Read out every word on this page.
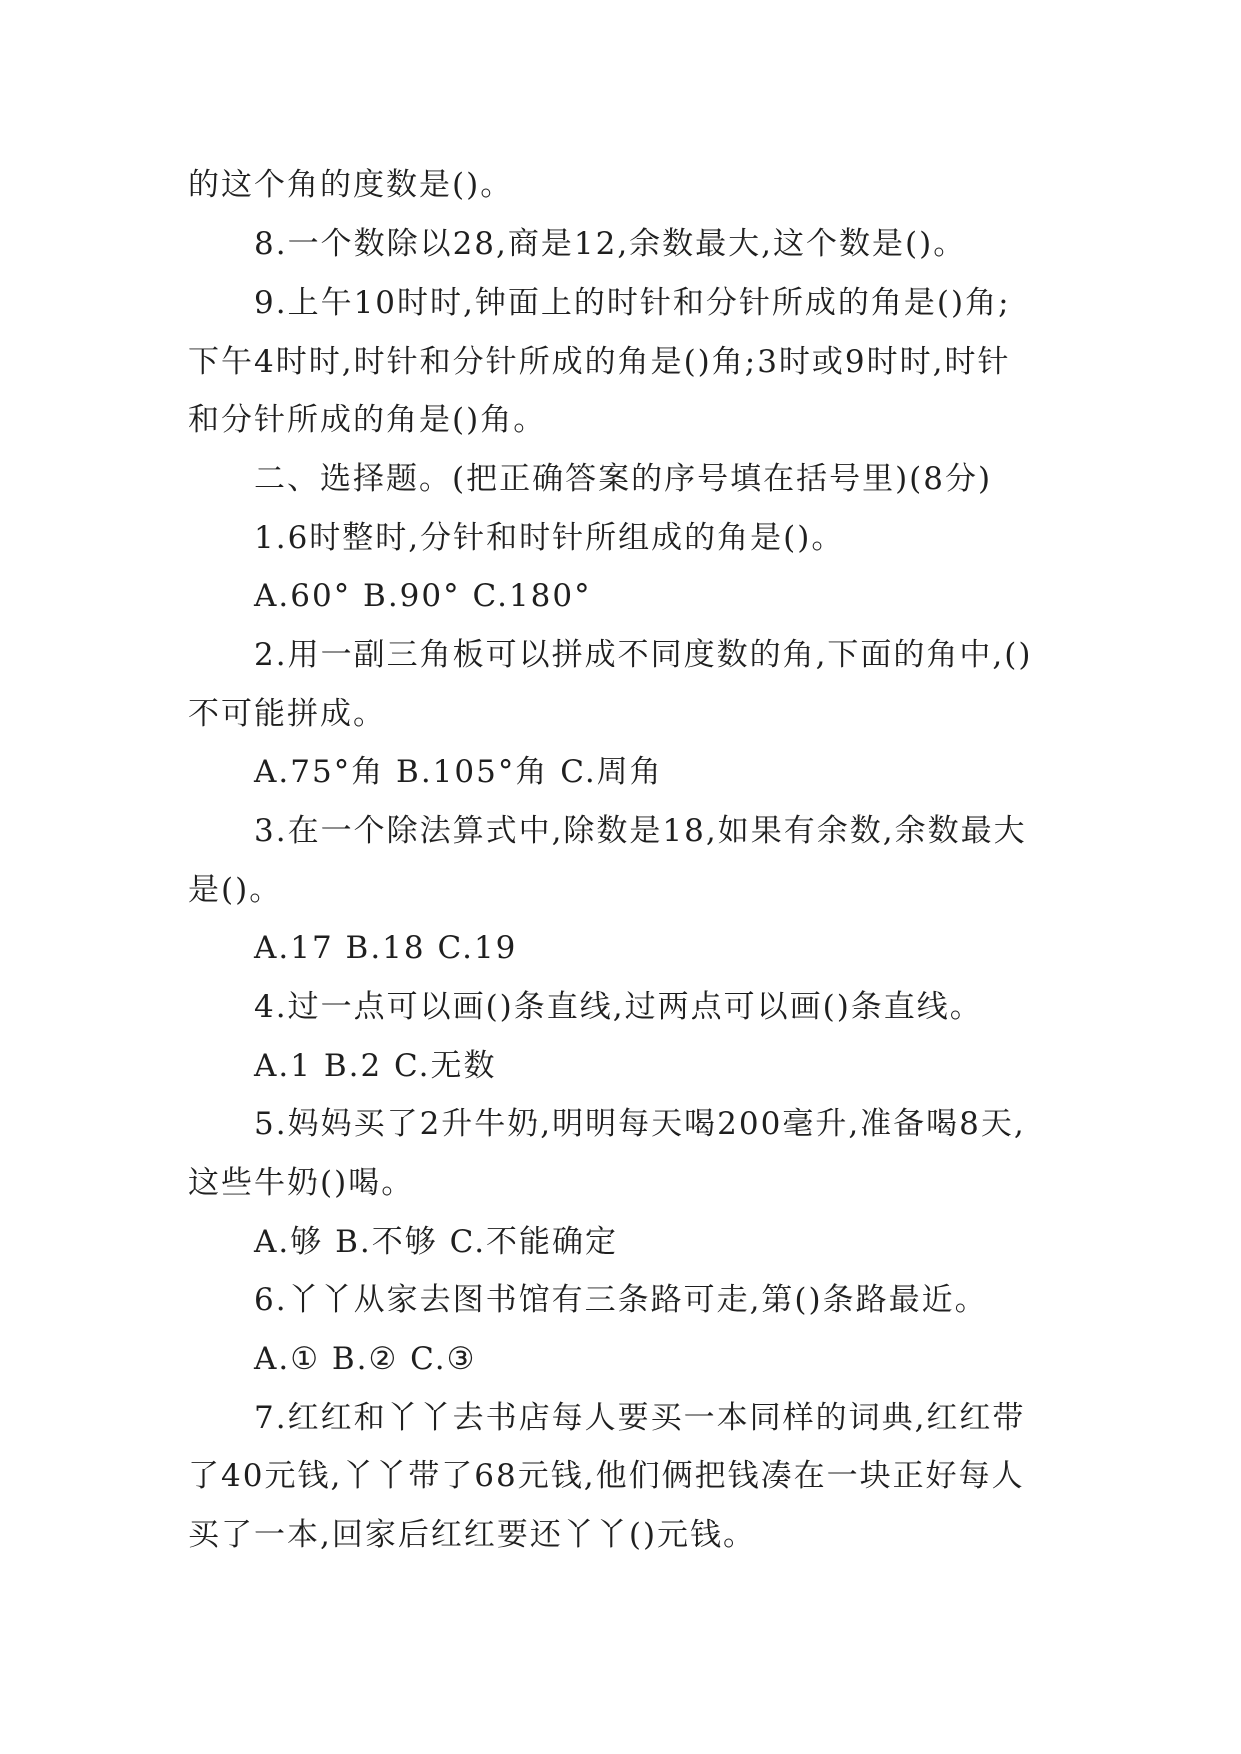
的这个角的度数是()。
8.一个数除以28,商是12,余数最大,这个数是()。
9.上午10时时,钟面上的时针和分针所成的角是()角;
下午4时时,时针和分针所成的角是()角;3时或9时时,时针
和分针所成的角是()角。
二、选择题。(把正确答案的序号填在括号里)(8分)
1.6时整时,分针和时针所组成的角是()。
A.60° B.90° C.180°
2.用一副三角板可以拼成不同度数的角,下面的角中,()
不可能拼成。
A.75°角 B.105°角 C.周角
3.在一个除法算式中,除数是18,如果有余数,余数最大
是()。
A.17 B.18 C.19
4.过一点可以画()条直线,过两点可以画()条直线。
A.1 B.2 C.无数
5.妈妈买了2升牛奶,明明每天喝200毫升,准备喝8天,
这些牛奶()喝。
A.够 B.不够 C.不能确定
6.丫丫从家去图书馆有三条路可走,第()条路最近。
A.① B.② C.③
7.红红和丫丫去书店每人要买一本同样的词典,红红带
了40元钱,丫丫带了68元钱,他们俩把钱凑在一块正好每人
买了一本,回家后红红要还丫丫()元钱。
